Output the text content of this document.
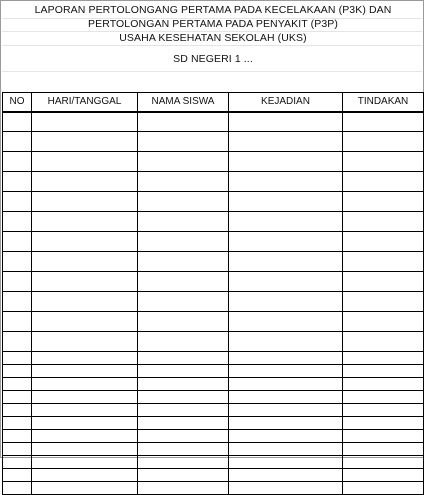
LAPORAN PERTOLONGANG PERTAMA PADA KECELAKAAN (P3K) DAN
PERTOLONGAN PERTAMA PADA PENYAKIT (P3P)
USAHA KESEHATAN SEKOLAH (UKS)
SD NEGERI 1 ...
NO	HARI/TANGGAL	NAMA SISWA	KEJADIAN	TINDAKAN
